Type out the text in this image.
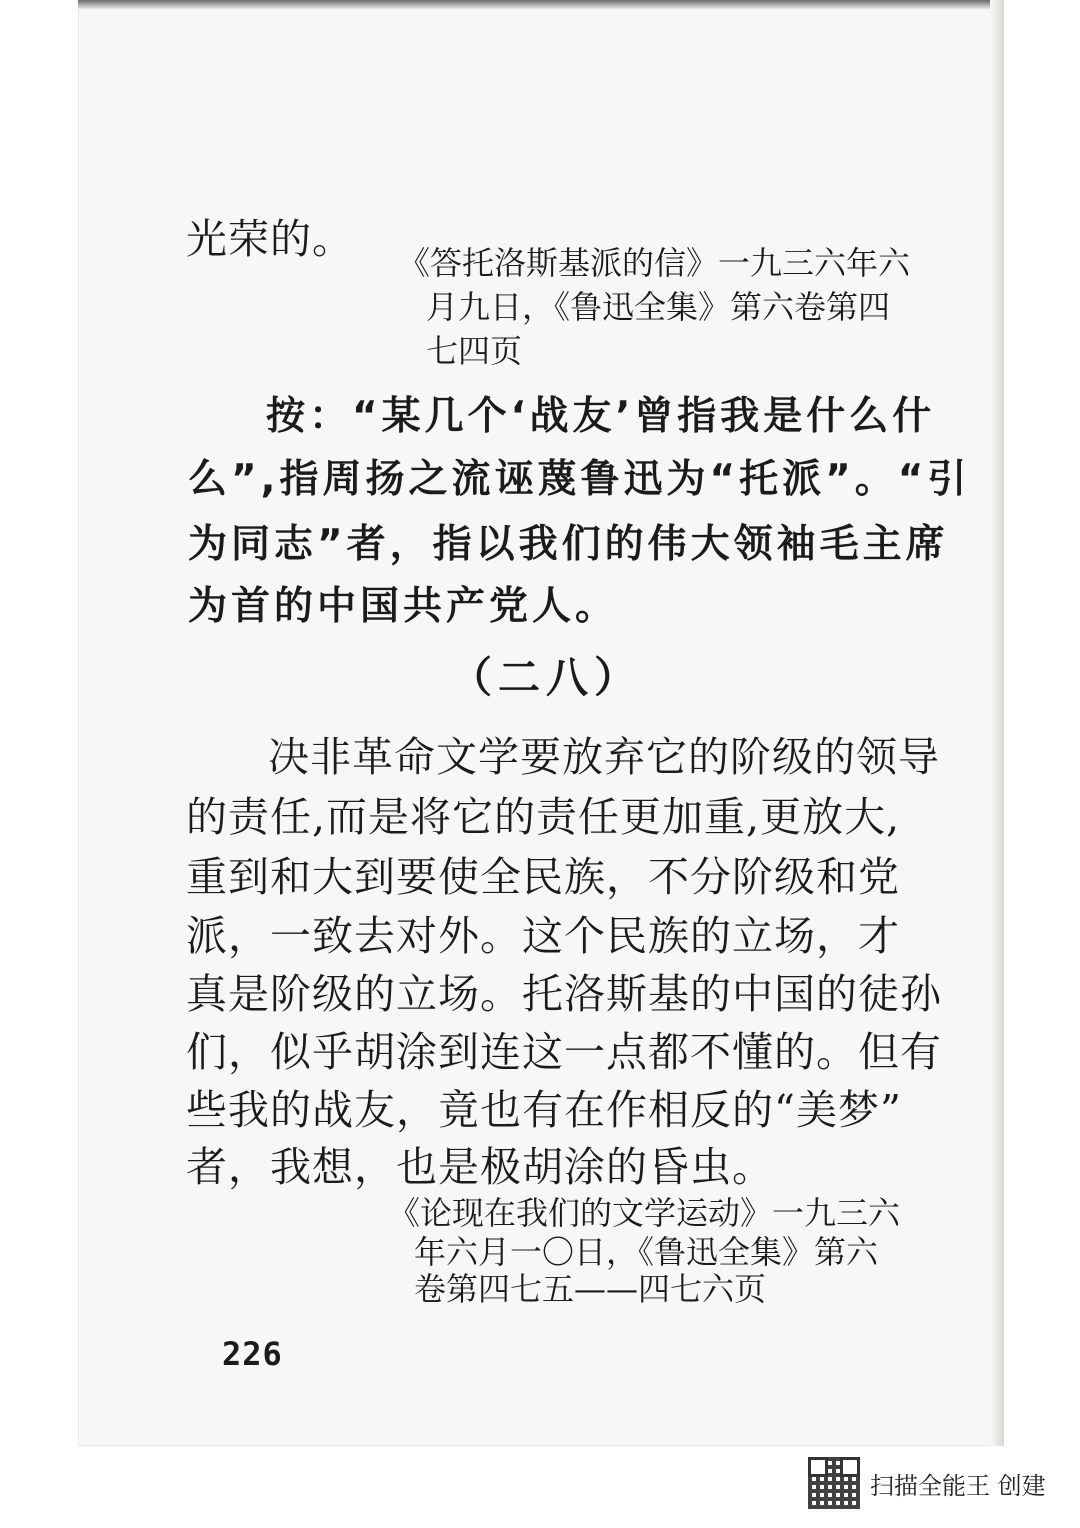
光荣的。 《答托洛斯基派的信》一九三六年六
月九日，《鲁迅全集》第六卷第四
七四页
按：“某几个‘战友’曾指我是什么什
么”,指周扬之流诬蔑鲁迅为“托派”。“引
为同志”者，指以我们的伟大领袖毛主席
为首的中国共产党人。
（二八）
决非革命文学要放弃它的阶级的领导
的责任,而是将它的责任更加重,更放大,
重到和大到要使全民族，不分阶级和党
派，一致去对外。这个民族的立场，才
真是阶级的立场。托洛斯基的中国的徒孙
们，似乎胡涂到连这一点都不懂的。但有
些我的战友，竟也有在作相反的“美梦”
者，我想，也是极胡涂的昏虫。
《论现在我们的文学运动》一九三六
年六月一〇日，《鲁迅全集》第六
卷第四七五——四七六页
226
扫描全能王 创建
